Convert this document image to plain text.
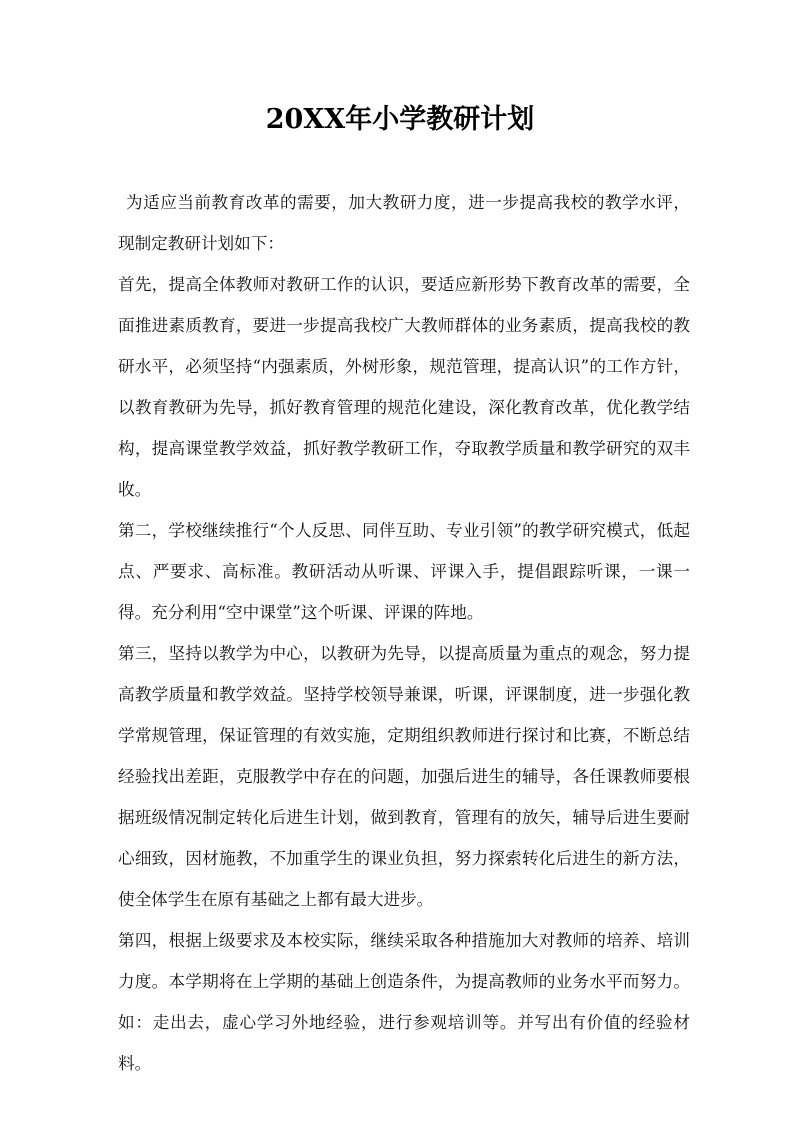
20XX年小学教研计划

为适应当前教育改革的需要，加大教研力度，进一步提高我校的教学水评，现制定教研计划如下：

首先，提高全体教师对教研工作的认识，要适应新形势下教育改革的需要，全面推进素质教育，要进一步提高我校广大教师群体的业务素质，提高我校的教研水平，必须坚持“内强素质，外树形象，规范管理，提高认识”的工作方针，以教育教研为先导，抓好教育管理的规范化建设，深化教育改革，优化教学结构，提高课堂教学效益，抓好教学教研工作，夺取教学质量和教学研究的双丰收。

第二，学校继续推行“个人反思、同伴互助、专业引领”的教学研究模式，低起点、严要求、高标准。教研活动从听课、评课入手，提倡跟踪听课，一课一得。充分利用“空中课堂”这个听课、评课的阵地。

第三，坚持以教学为中心，以教研为先导，以提高质量为重点的观念，努力提高教学质量和教学效益。坚持学校领导兼课，听课，评课制度，进一步强化教学常规管理，保证管理的有效实施，定期组织教师进行探讨和比赛，不断总结经验找出差距，克服教学中存在的问题，加强后进生的辅导，各任课教师要根据班级情况制定转化后进生计划，做到教育，管理有的放矢，辅导后进生要耐心细致，因材施教，不加重学生的课业负担，努力探索转化后进生的新方法，使全体学生在原有基础之上都有最大进步。

第四，根据上级要求及本校实际，继续采取各种措施加大对教师的培养、培训力度。本学期将在上学期的基础上创造条件，为提高教师的业务水平而努力。如：走出去，虚心学习外地经验，进行参观培训等。并写出有价值的经验材料。
